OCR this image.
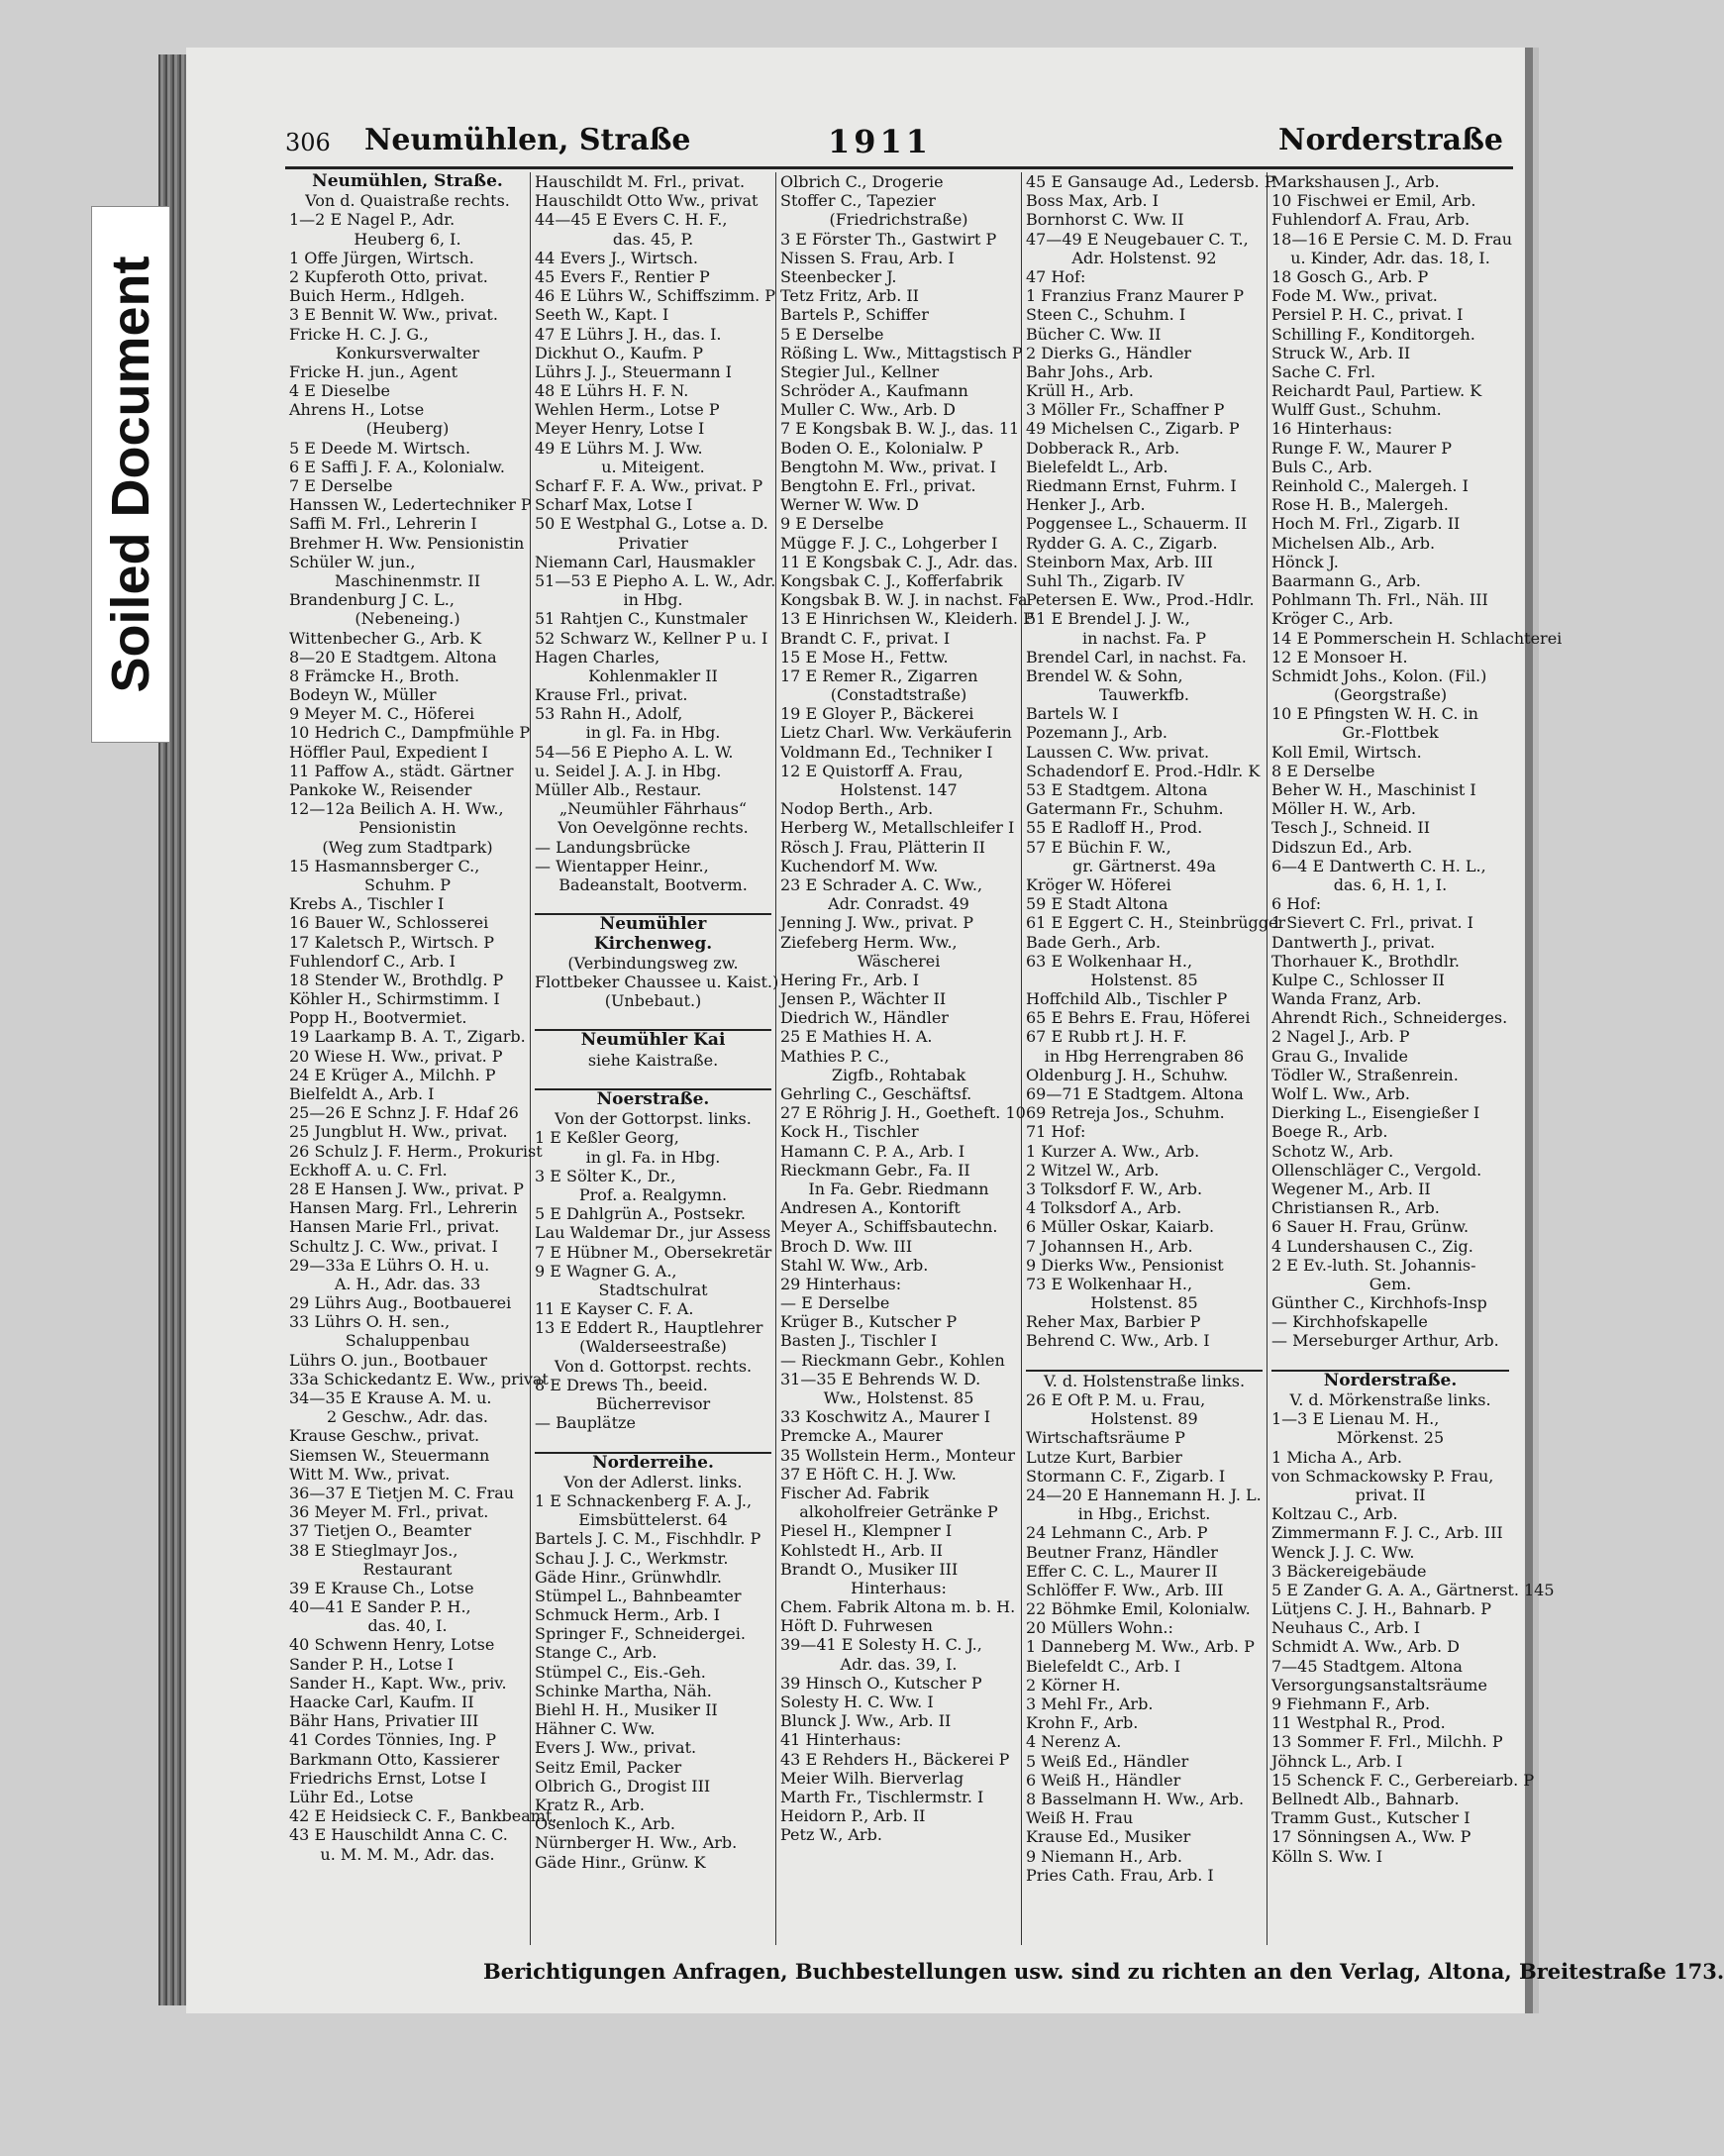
306 Neumühlen, Straße	1911	Norderstraße
Neumühlen, Straße.
Von d. Quaistraße rechts.
1—2 E Nagel P., Adr.
Heuberg 6, I.
1 Offe Jürgen, Wirtsch.
2 Kupferoth Otto, privat.
Buich Herm., Hdlgeh.
3 E Bennit W. Ww., privat.
Fricke H. C. J. G.,
Konkursverwalter
Fricke H. jun., Agent
4 E Dieselbe
Ahrens H., Lotse
(Heuberg)
5 E Deede M. Wirtsch.
6 E Saffi J. F. A., Kolonialw.
7 E Derselbe
Hanssen W., Ledertechniker P
Saffi M. Frl., Lehrerin I
Brehmer H. Ww. Pensionistin
Schüler W. jun.,
Maschinenmstr. II
Brandenburg J C. L.,
(Nebeneing.)
Wittenbecher G., Arb. K
8—20 E Stadtgem. Altona
8 Främcke H., Broth.
Bodeyn W., Müller
9 Meyer M. C., Höferei
10 Hedrich C., Dampfmühle P
Höffler Paul, Expedient I
11 Paffow A., städt. Gärtner
Pankoke W., Reisender
12—12a Beilich A. H. Ww.,
Pensionistin
(Weg zum Stadtpark)
15 Hasmannsberger C.,
Schuhm. P
Krebs A., Tischler I
16 Bauer W., Schlosserei
17 Kaletsch P., Wirtsch. P
Fuhlendorf C., Arb. I
18 Stender W., Brothdlg. P
Köhler H., Schirmstimm. I
Popp H., Bootvermiet.
19 Laarkamp B. A. T., Zigarb.
20 Wiese H. Ww., privat. P
24 E Krüger A., Milchh. P
Bielfeldt A., Arb. I
25—26 E Schnz J. F. Hdaf 26
25 Jungblut H. Ww., privat.
26 Schulz J. F. Herm., Prokurist
Eckhoff A. u. C. Frl.
28 E Hansen J. Ww., privat. P
Hansen Marg. Frl., Lehrerin
Hansen Marie Frl., privat.
Schultz J. C. Ww., privat. I
29—33a E Lührs O. H. u.
A. H., Adr. das. 33
29 Lührs Aug., Bootbauerei
33 Lührs O. H. sen.,
Schaluppenbau
Lührs O. jun., Bootbauer
33a Schickedantz E. Ww., privat
34—35 E Krause A. M. u.
2 Geschw., Adr. das.
Krause Geschw., privat.
Siemsen W., Steuermann
Witt M. Ww., privat.
36—37 E Tietjen M. C. Frau
36 Meyer M. Frl., privat.
37 Tietjen O., Beamter
38 E Stieglmayr Jos.,
Restaurant
39 E Krause Ch., Lotse
40—41 E Sander P. H.,
das. 40, I.
40 Schwenn Henry, Lotse
Sander P. H., Lotse I
Sander H., Kapt. Ww., priv.
Haacke Carl, Kaufm. II
Bähr Hans, Privatier III
41 Cordes Tönnies, Ing. P
Barkmann Otto, Kassierer
Friedrichs Ernst, Lotse I
Lühr Ed., Lotse
42 E Heidsieck C. F., Bankbeamt.
43 E Hauschildt Anna C. C.
u. M. M. M., Adr. das.
Hauschildt M. Frl., privat.
Hauschildt Otto Ww., privat
44—45 E Evers C. H. F.,
das. 45, P.
44 Evers J., Wirtsch.
45 Evers F., Rentier P
46 E Lührs W., Schiffszimm. P
Seeth W., Kapt. I
47 E Lührs J. H., das. I.
Dickhut O., Kaufm. P
Lührs J. J., Steuermann I
48 E Lührs H. F. N.
Wehlen Herm., Lotse P
Meyer Henry, Lotse I
49 E Lührs M. J. Ww.
u. Miteigent.
Scharf F. F. A. Ww., privat. P
Scharf Max, Lotse I
50 E Westphal G., Lotse a. D.
Privatier
Niemann Carl, Hausmakler
51—53 E Piepho A. L. W., Adr.
in Hbg.
51 Rahtjen C., Kunstmaler
52 Schwarz W., Kellner P u. I
Hagen Charles,
Kohlenmakler II
Krause Frl., privat.
53 Rahn H., Adolf,
in gl. Fa. in Hbg.
54—56 E Piepho A. L. W.
u. Seidel J. A. J. in Hbg.
Müller Alb., Restaur.
„Neumühler Fährhaus“
Von Oevelgönne rechts.
— Landungsbrücke
— Wientapper Heinr.,
Badeanstalt, Bootverm.
Neumühler
Kirchenweg.
(Verbindungsweg zw.
Flottbeker Chaussee u. Kaist.)
(Unbebaut.)
Neumühler Kai
siehe Kaistraße.
Noerstraße.
Von der Gottorpst. links.
1 E Keßler Georg,
in gl. Fa. in Hbg.
3 E Sölter K., Dr.,
Prof. a. Realgymn.
5 E Dahlgrün A., Postsekr.
Lau Waldemar Dr., jur Assess
7 E Hübner M., Obersekretär
9 E Wagner G. A.,
Stadtschulrat
11 E Kayser C. F. A.
13 E Eddert R., Hauptlehrer
(Walderseestraße)
Von d. Gottorpst. rechts.
8 E Drews Th., beeid.
Bücherrevisor
— Bauplätze
Norderreihe.
Von der Adlerst. links.
1 E Schnackenberg F. A. J.,
Eimsbüttelerst. 64
Bartels J. C. M., Fischhdlr. P
Schau J. J. C., Werkmstr.
Gäde Hinr., Grünwhdlr.
Stümpel L., Bahnbeamter
Schmuck Herm., Arb. I
Springer F., Schneidergei.
Stange C., Arb.
Stümpel C., Eis.-Geh.
Schinke Martha, Näh.
Biehl H. H., Musiker II
Hähner C. Ww.
Evers J. Ww., privat.
Seitz Emil, Packer
Olbrich G., Drogist III
Kratz R., Arb.
Osenloch K., Arb.
Nürnberger H. Ww., Arb.
Gäde Hinr., Grünw. K
Olbrich C., Drogerie
Stoffer C., Tapezier
(Friedrichstraße)
3 E Förster Th., Gastwirt P
Nissen S. Frau, Arb. I
Steenbecker J.
Tetz Fritz, Arb. II
Bartels P., Schiffer
5 E Derselbe
Rößing L. Ww., Mittagstisch P
Stegier Jul., Kellner
Schröder A., Kaufmann
Muller C. Ww., Arb. D
7 E Kongsbak B. W. J., das. 11
Boden O. E., Kolonialw. P
Bengtohn M. Ww., privat. I
Bengtohn E. Frl., privat.
Werner W. Ww. D
9 E Derselbe
Mügge F. J. C., Lohgerber I
11 E Kongsbak C. J., Adr. das.
Kongsbak C. J., Kofferfabrik
Kongsbak B. W. J. in nachst. Fa
13 E Hinrichsen W., Kleiderh. P
Brandt C. F., privat. I
15 E Mose H., Fettw.
17 E Remer R., Zigarren
(Constadtstraße)
19 E Gloyer P., Bäckerei
Lietz Charl. Ww. Verkäuferin
Voldmann Ed., Techniker I
12 E Quistorff A. Frau,
Holstenst. 147
Nodop Berth., Arb.
Herberg W., Metallschleifer I
Rösch J. Frau, Plätterin II
Kuchendorf M. Ww.
23 E Schrader A. C. Ww.,
Adr. Conradst. 49
Jenning J. Ww., privat. P
Ziefeberg Herm. Ww.,
Wäscherei
Hering Fr., Arb. I
Jensen P., Wächter II
Diedrich W., Händler
25 E Mathies H. A.
Mathies P. C.,
Zigfb., Rohtabak
Gehrling C., Geschäftsf.
27 E Röhrig J. H., Goetheft. 10
Kock H., Tischler
Hamann C. P. A., Arb. I
Rieckmann Gebr., Fa. II
In Fa. Gebr. Riedmann
Andresen A., Kontorift
Meyer A., Schiffsbautechn.
Broch D. Ww. III
Stahl W. Ww., Arb.
29 Hinterhaus:
— E Derselbe
Krüger B., Kutscher P
Basten J., Tischler I
— Rieckmann Gebr., Kohlen
31—35 E Behrends W. D.
Ww., Holstenst. 85
33 Koschwitz A., Maurer I
Premcke A., Maurer
35 Wollstein Herm., Monteur
37 E Höft C. H. J. Ww.
Fischer Ad. Fabrik
alkoholfreier Getränke P
Piesel H., Klempner I
Kohlstedt H., Arb. II
Brandt O., Musiker III
Hinterhaus:
Chem. Fabrik Altona m. b. H.
Höft D. Fuhrwesen
39—41 E Solesty H. C. J.,
Adr. das. 39, I.
39 Hinsch O., Kutscher P
Solesty H. C. Ww. I
Blunck J. Ww., Arb. II
41 Hinterhaus:
43 E Rehders H., Bäckerei P
Meier Wilh. Bierverlag
Marth Fr., Tischlermstr. I
Heidorn P., Arb. II
Petz W., Arb.
45 E Gansauge Ad., Ledersb. P
Boss Max, Arb. I
Bornhorst C. Ww. II
47—49 E Neugebauer C. T.,
Adr. Holstenst. 92
47 Hof:
1 Franzius Franz Maurer P
Steen C., Schuhm. I
Bücher C. Ww. II
2 Dierks G., Händler
Bahr Johs., Arb.
Krüll H., Arb.
3 Möller Fr., Schaffner P
49 Michelsen C., Zigarb. P
Dobberack R., Arb.
Bielefeldt L., Arb.
Riedmann Ernst, Fuhrm. I
Henker J., Arb.
Poggensee L., Schauerm. II
Rydder G. A. C., Zigarb.
Steinborn Max, Arb. III
Suhl Th., Zigarb. IV
Petersen E. Ww., Prod.-Hdlr.
51 E Brendel J. J. W.,
in nachst. Fa. P
Brendel Carl, in nachst. Fa.
Brendel W. & Sohn,
Tauwerkfb.
Bartels W. I
Pozemann J., Arb.
Laussen C. Ww. privat.
Schadendorf E. Prod.-Hdlr. K
53 E Stadtgem. Altona
Gatermann Fr., Schuhm.
55 E Radloff H., Prod.
57 E Büchin F. W.,
gr. Gärtnerst. 49a
Kröger W. Höferei
59 E Stadt Altona
61 E Eggert C. H., Steinbrügger
Bade Gerh., Arb.
63 E Wolkenhaar H.,
Holstenst. 85
Hoffchild Alb., Tischler P
65 E Behrs E. Frau, Höferei
67 E Rubb rt J. H. F.
in Hbg Herrengraben 86
Oldenburg J. H., Schuhw.
69—71 E Stadtgem. Altona
69 Retreja Jos., Schuhm.
71 Hof:
1 Kurzer A. Ww., Arb.
2 Witzel W., Arb.
3 Tolksdorf F. W., Arb.
4 Tolksdorf A., Arb.
6 Müller Oskar, Kaiarb.
7 Johannsen H., Arb.
9 Dierks Ww., Pensionist
73 E Wolkenhaar H.,
Holstenst. 85
Reher Max, Barbier P
Behrend C. Ww., Arb. I
V. d. Holstenstraße links.
26 E Oft P. M. u. Frau,
Holstenst. 89
Wirtschaftsräume P
Lutze Kurt, Barbier
Stormann C. F., Zigarb. I
24—20 E Hannemann H. J. L.
in Hbg., Erichst.
24 Lehmann C., Arb. P
Beutner Franz, Händler
Effer C. C. L., Maurer II
Schlöffer F. Ww., Arb. III
22 Böhmke Emil, Kolonialw.
20 Müllers Wohn.:
1 Danneberg M. Ww., Arb. P
Bielefeldt C., Arb. I
2 Körner H.
3 Mehl Fr., Arb.
Krohn F., Arb.
4 Nerenz A.
5 Weiß Ed., Händler
6 Weiß H., Händler
8 Basselmann H. Ww., Arb.
Weiß H. Frau
Krause Ed., Musiker
9 Niemann H., Arb.
Pries Cath. Frau, Arb. I
Markshausen J., Arb.
10 Fischwei er Emil, Arb.
Fuhlendorf A. Frau, Arb.
18—16 E Persie C. M. D. Frau
u. Kinder, Adr. das. 18, I.
18 Gosch G., Arb. P
Fode M. Ww., privat.
Persiel P. H. C., privat. I
Schilling F., Konditorgeh.
Struck W., Arb. II
Sache C. Frl.
Reichardt Paul, Partiew. K
Wulff Gust., Schuhm.
16 Hinterhaus:
Runge F. W., Maurer P
Buls C., Arb.
Reinhold C., Malergeh. I
Rose H. B., Malergeh.
Hoch M. Frl., Zigarb. II
Michelsen Alb., Arb.
Hönck J.
Baarmann G., Arb.
Pohlmann Th. Frl., Näh. III
Kröger C., Arb.
14 E Pommerschein H. Schlachterei
12 E Monsoer H.
Schmidt Johs., Kolon. (Fil.)
(Georgstraße)
10 E Pfingsten W. H. C. in
Gr.-Flottbek
Koll Emil, Wirtsch.
8 E Derselbe
Beher W. H., Maschinist I
Möller H. W., Arb.
Tesch J., Schneid. II
Didszun Ed., Arb.
6—4 E Dantwerth C. H. L.,
das. 6, H. 1, I.
6 Hof:
1 Sievert C. Frl., privat. I
Dantwerth J., privat.
Thorhauer K., Brothdlr.
Kulpe C., Schlosser II
Wanda Franz, Arb.
Ahrendt Rich., Schneiderges.
2 Nagel J., Arb. P
Grau G., Invalide
Tödler W., Straßenrein.
Wolf L. Ww., Arb.
Dierking L., Eisengießer I
Boege R., Arb.
Schotz W., Arb.
Ollenschläger C., Vergold.
Wegener M., Arb. II
Christiansen R., Arb.
6 Sauer H. Frau, Grünw.
4 Lundershausen C., Zig.
2 E Ev.-luth. St. Johannis-
Gem.
Günther C., Kirchhofs-Insp
— Kirchhofskapelle
— Merseburger Arthur, Arb.
Norderstraße.
V. d. Mörkenstraße links.
1—3 E Lienau M. H.,
Mörkenst. 25
1 Micha A., Arb.
von Schmackowsky P. Frau,
privat. II
Koltzau C., Arb.
Zimmermann F. J. C., Arb. III
Wenck J. J. C. Ww.
3 Bäckereigebäude
5 E Zander G. A. A., Gärtnerst. 145
Lütjens C. J. H., Bahnarb. P
Neuhaus C., Arb. I
Schmidt A. Ww., Arb. D
7—45 Stadtgem. Altona
Versorgungsanstaltsräume
9 Fiehmann F., Arb.
11 Westphal R., Prod.
13 Sommer F. Frl., Milchh. P
Jöhnck L., Arb. I
15 Schenck F. C., Gerbereiarb. P
Bellnedt Alb., Bahnarb.
Tramm Gust., Kutscher I
17 Sönningsen A., Ww. P
Kölln S. Ww. I
Berichtigungen Anfragen, Buchbestellungen usw. sind zu richten an den Verlag, Altona, Breitestraße 173.
Soiled Document
